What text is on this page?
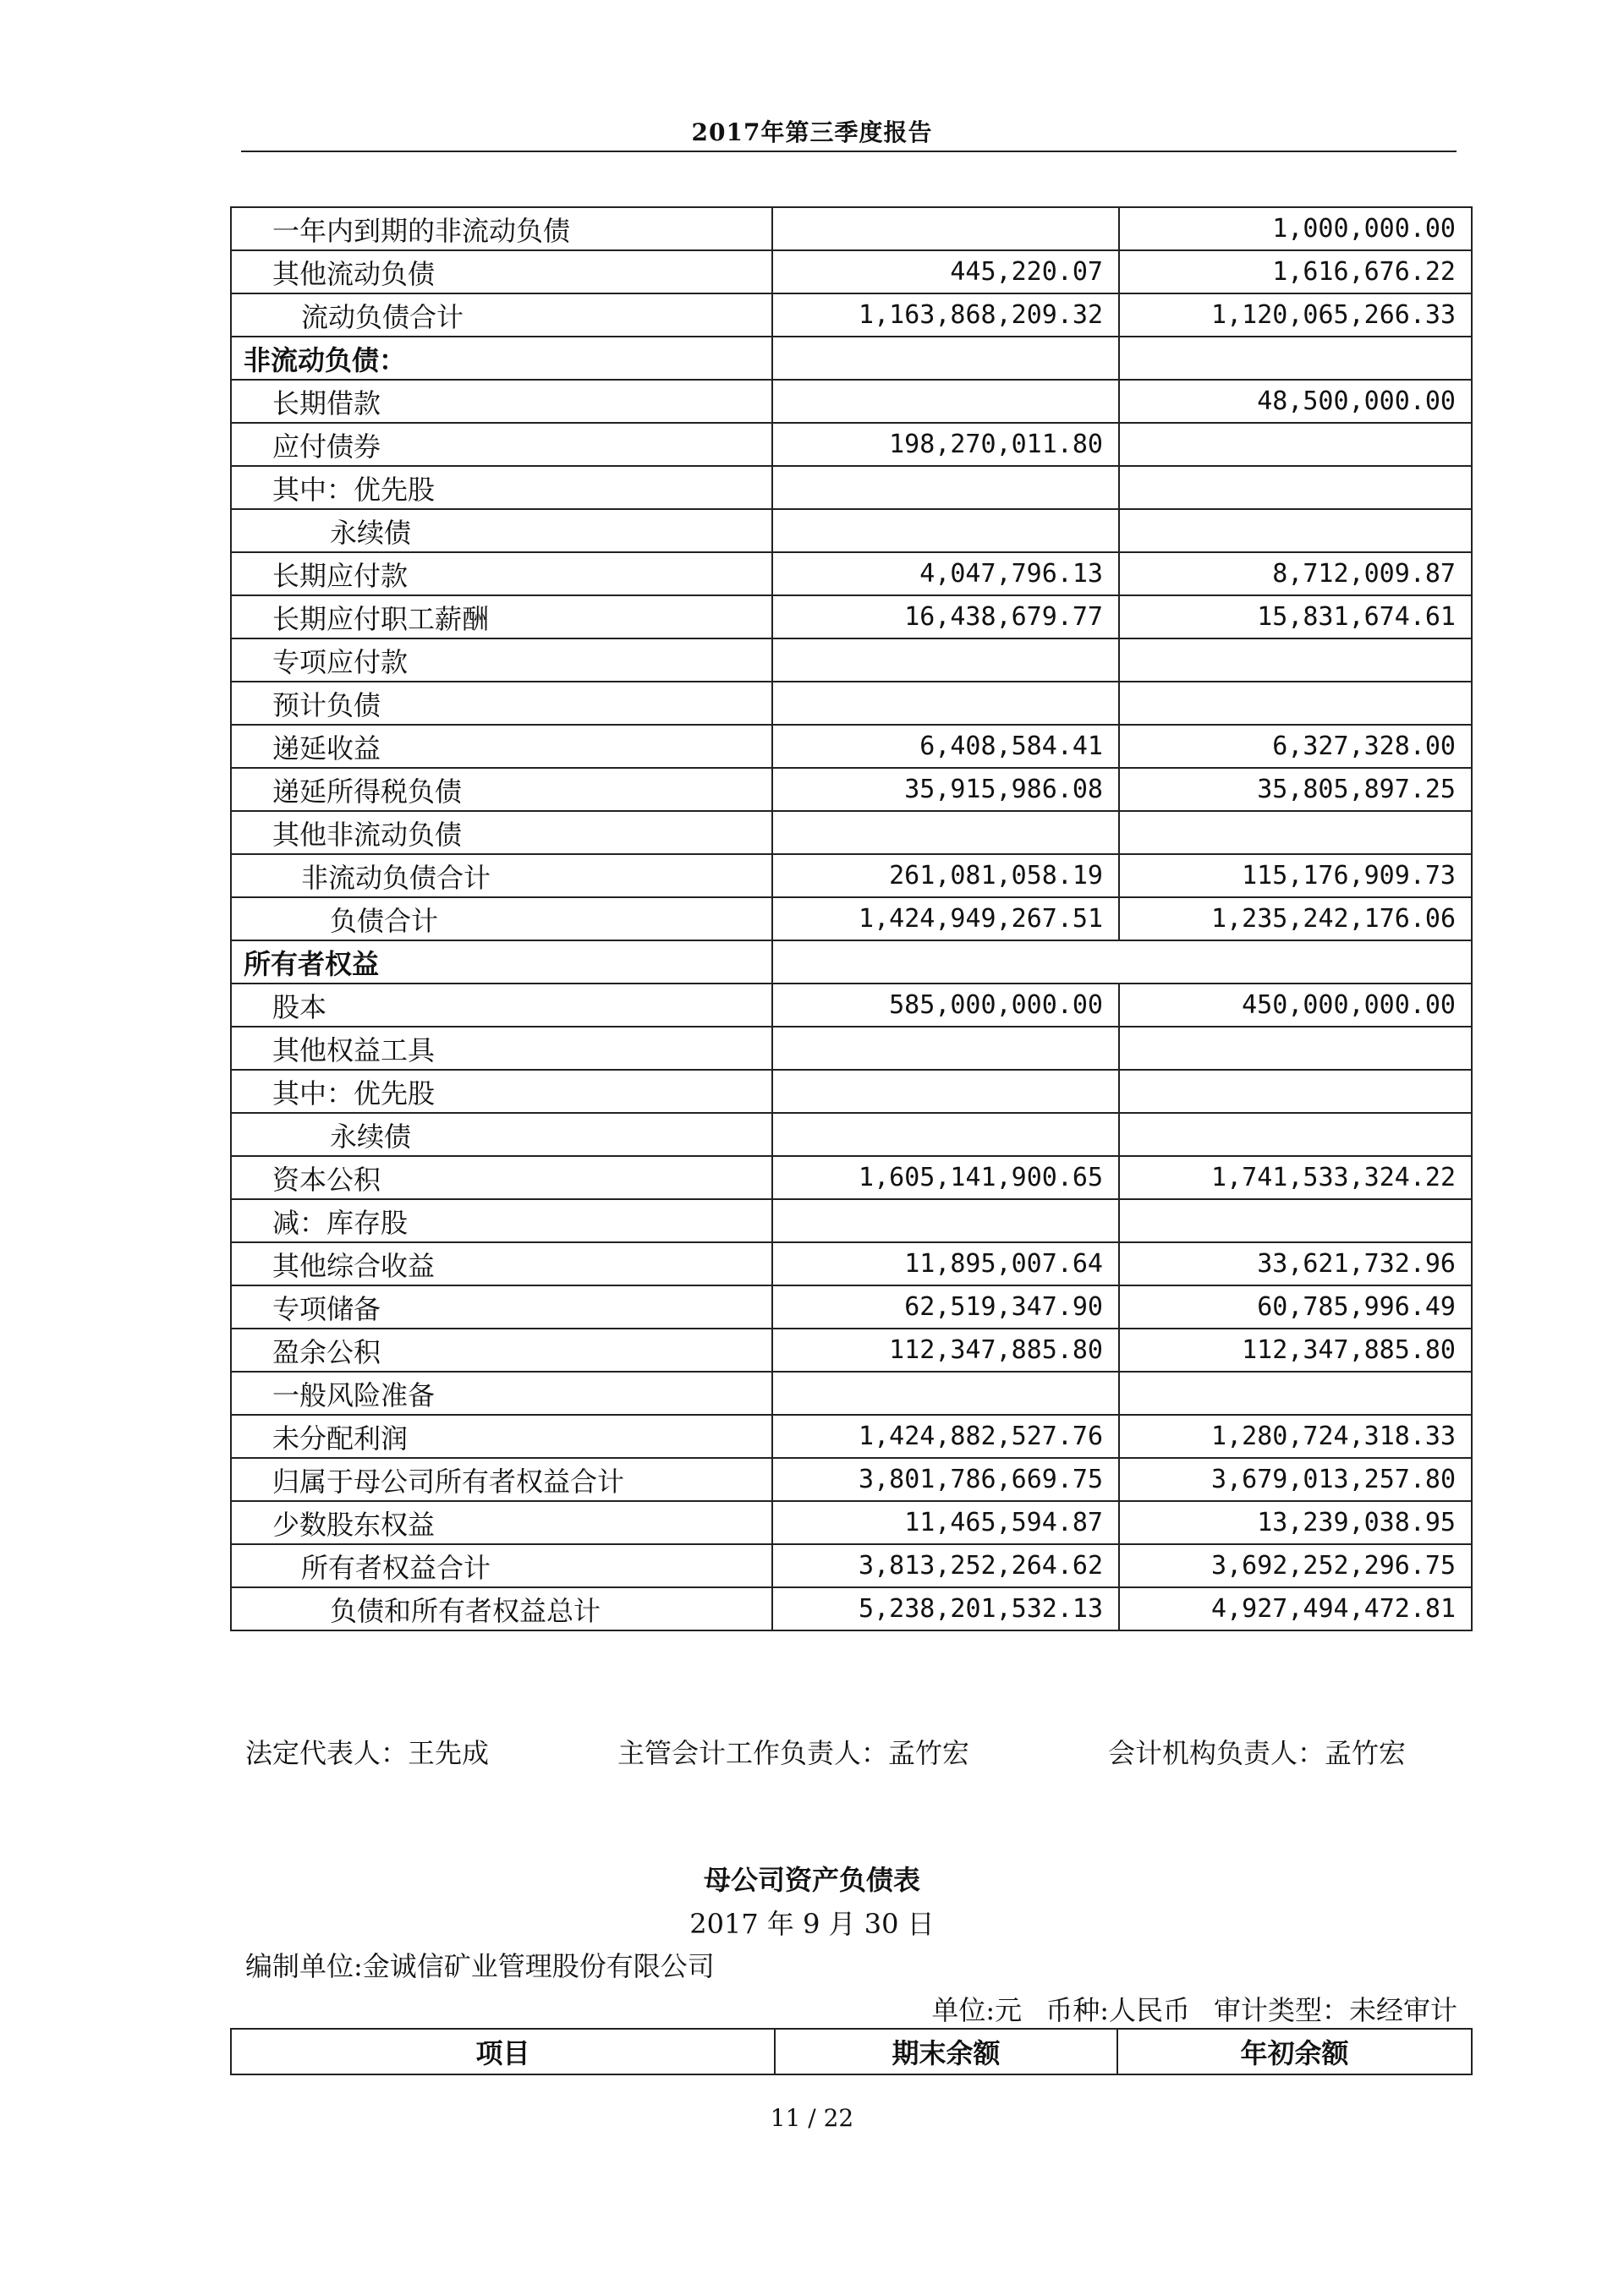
2017年第三季度报告
一年内到期的非流动负债		1,000,000.00
其他流动负债	445,220.07	1,616,676.22
流动负债合计	1,163,868,209.32	1,120,065,266.33
非流动负债：		
长期借款		48,500,000.00
应付债券	198,270,011.80	
其中：优先股		
永续债		
长期应付款	4,047,796.13	8,712,009.87
长期应付职工薪酬	16,438,679.77	15,831,674.61
专项应付款		
预计负债		
递延收益	6,408,584.41	6,327,328.00
递延所得税负债	35,915,986.08	35,805,897.25
其他非流动负债		
非流动负债合计	261,081,058.19	115,176,909.73
负债合计	1,424,949,267.51	1,235,242,176.06
所有者权益		
股本	585,000,000.00	450,000,000.00
其他权益工具		
其中：优先股		
永续债		
资本公积	1,605,141,900.65	1,741,533,324.22
减：库存股		
其他综合收益	11,895,007.64	33,621,732.96
专项储备	62,519,347.90	60,785,996.49
盈余公积	112,347,885.80	112,347,885.80
一般风险准备		
未分配利润	1,424,882,527.76	1,280,724,318.33
归属于母公司所有者权益合计	3,801,786,669.75	3,679,013,257.80
少数股东权益	11,465,594.87	13,239,038.95
所有者权益合计	3,813,252,264.62	3,692,252,296.75
负债和所有者权益总计	5,238,201,532.13	4,927,494,472.81
法定代表人：王先成	主管会计工作负责人：孟竹宏	会计机构负责人：孟竹宏
母公司资产负债表
2017 年 9 月 30 日
编制单位:金诚信矿业管理股份有限公司
单位:元 币种:人民币 审计类型：未经审计
项目	期末余额	年初余额
11 / 22
